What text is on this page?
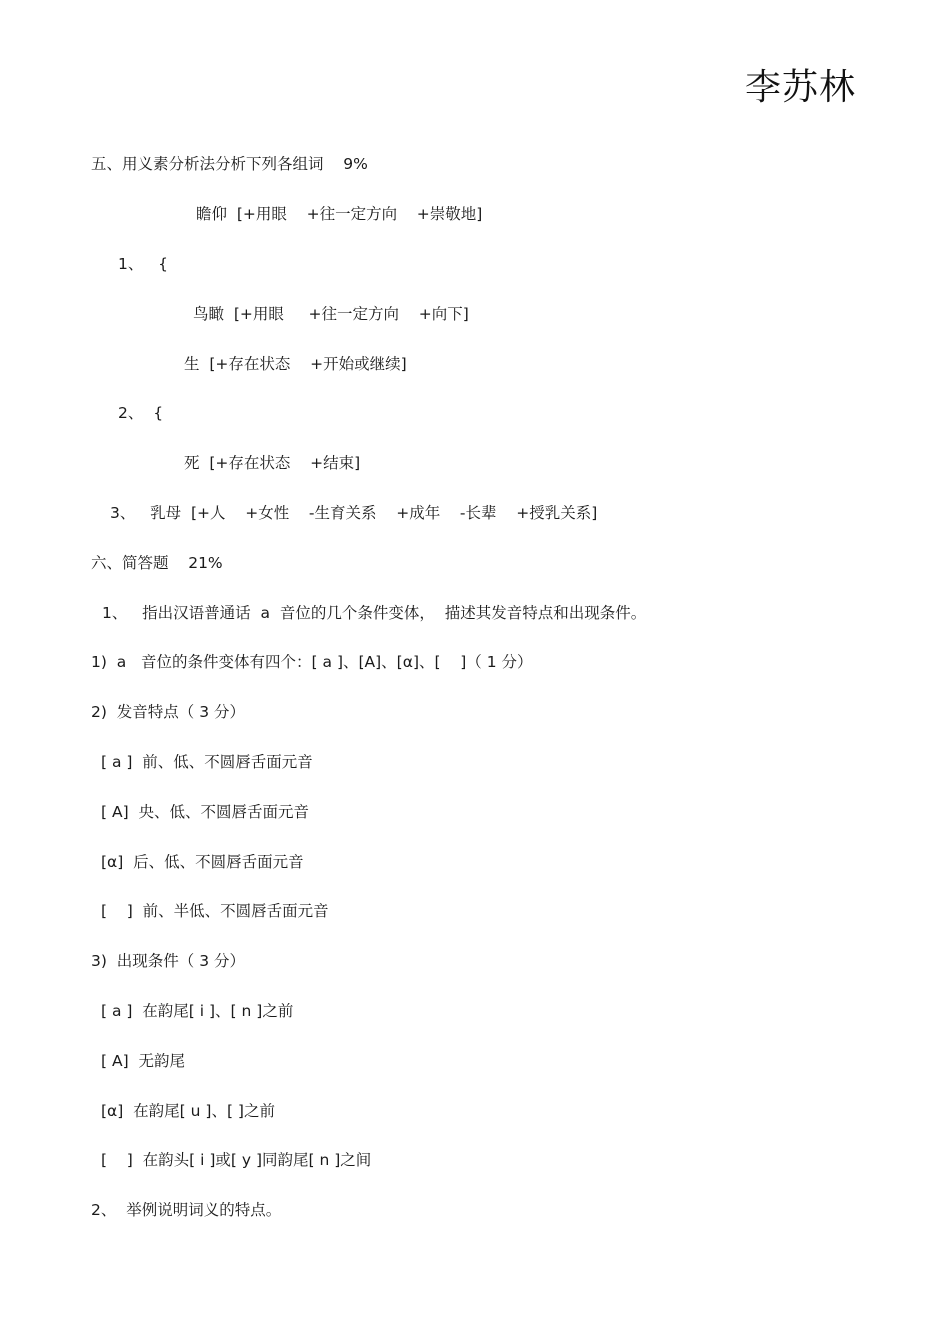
李苏林
五、用义素分析法分析下列各组词    9%
瞻仰  [+用眼    +往一定方向    +崇敬地]
1、   {
鸟瞰  [+用眼     +往一定方向    +向下]
生  [+存在状态    +开始或继续]
2、  {
死  [+存在状态    +结束]
3、   乳母  [+人    +女性    -生育关系    +成年    -长辈    +授乳关系]
六、简答题    21%
1、   指出汉语普通话  a  音位的几个条件变体，  描述其发音特点和出现条件。
1)  a   音位的条件变体有四个：[ a ]、[A]、[α]、[    ]（ 1 分）
2)  发音特点（ 3 分）
[ a ]  前、低、不圆唇舌面元音
[ A]  央、低、不圆唇舌面元音
[α]  后、低、不圆唇舌面元音
[    ]  前、半低、不圆唇舌面元音
3)  出现条件（ 3 分）
[ a ]  在韵尾[ i ]、[ n ]之前
[ A]  无韵尾
[α]  在韵尾[ u ]、[ ]之前
[    ]  在韵头[ i ]或[ y ]同韵尾[ n ]之间
2、  举例说明词义的特点。
